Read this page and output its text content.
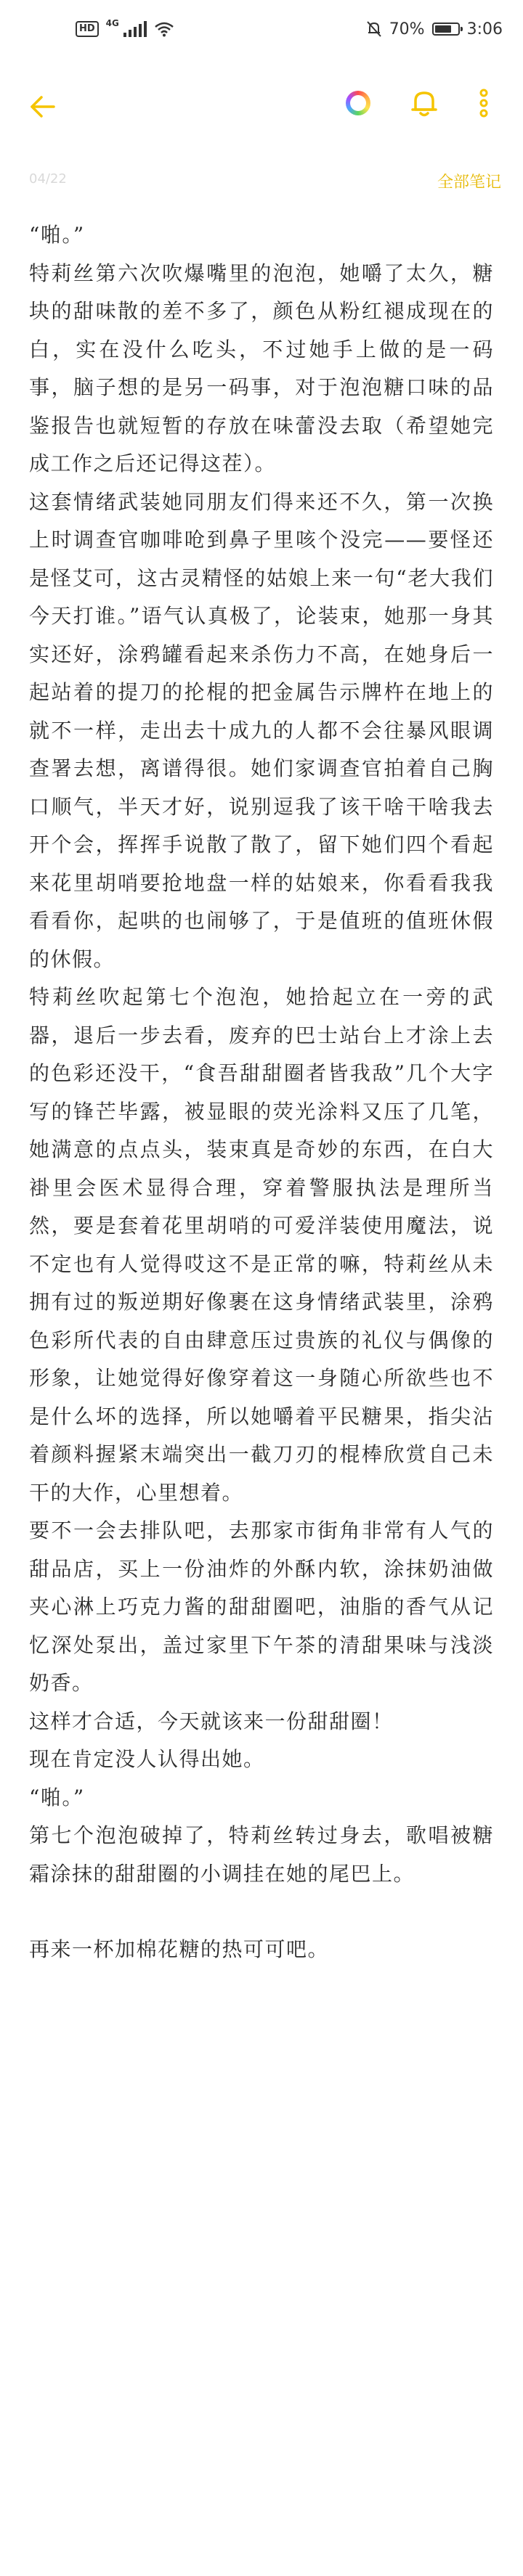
HD	4G	70%	3:06
04/22	全部笔记

“啪。”

特莉丝第六次吹爆嘴里的泡泡，她嚼了太久，糖块的甜味散的差不多了，颜色从粉红褪成现在的白，实在没什么吃头，不过她手上做的是一码事，脑子想的是另一码事，对于泡泡糖口味的品鉴报告也就短暂的存放在味蕾没去取（希望她完成工作之后还记得这茬）。

这套情绪武装她同朋友们得来还不久，第一次换上时调查官咖啡呛到鼻子里咳个没完——要怪还是怪艾可，这古灵精怪的姑娘上来一句“老大我们今天打谁。”语气认真极了，论装束，她那一身其实还好，涂鸦罐看起来杀伤力不高，在她身后一起站着的提刀的抡棍的把金属告示牌杵在地上的就不一样，走出去十成九的人都不会往暴风眼调查署去想，离谱得很。她们家调查官拍着自己胸口顺气，半天才好，说别逗我了该干啥干啥我去开个会，挥挥手说散了散了，留下她们四个看起来花里胡哨要抢地盘一样的姑娘来，你看看我我看看你，起哄的也闹够了，于是值班的值班休假的休假。

特莉丝吹起第七个泡泡，她拾起立在一旁的武器，退后一步去看，废弃的巴士站台上才涂上去的色彩还没干，“食吾甜甜圈者皆我敌”几个大字写的锋芒毕露，被显眼的荧光涂料又压了几笔，她满意的点点头，装束真是奇妙的东西，在白大褂里会医术显得合理，穿着警服执法是理所当然，要是套着花里胡哨的可爱洋装使用魔法，说不定也有人觉得哎这不是正常的嘛，特莉丝从未拥有过的叛逆期好像裹在这身情绪武装里，涂鸦色彩所代表的自由肆意压过贵族的礼仪与偶像的形象，让她觉得好像穿着这一身随心所欲些也不是什么坏的选择，所以她嚼着平民糖果，指尖沾着颜料握紧末端突出一截刀刃的棍棒欣赏自己未干的大作，心里想着。

要不一会去排队吧，去那家市街角非常有人气的甜品店，买上一份油炸的外酥内软，涂抹奶油做夹心淋上巧克力酱的甜甜圈吧，油脂的香气从记忆深处泵出，盖过家里下午茶的清甜果味与浅淡奶香。

这样才合适，今天就该来一份甜甜圈！

现在肯定没人认得出她。

“啪。”

第七个泡泡破掉了，特莉丝转过身去，歌唱被糖霜涂抹的甜甜圈的小调挂在她的尾巴上。

再来一杯加棉花糖的热可可吧。
